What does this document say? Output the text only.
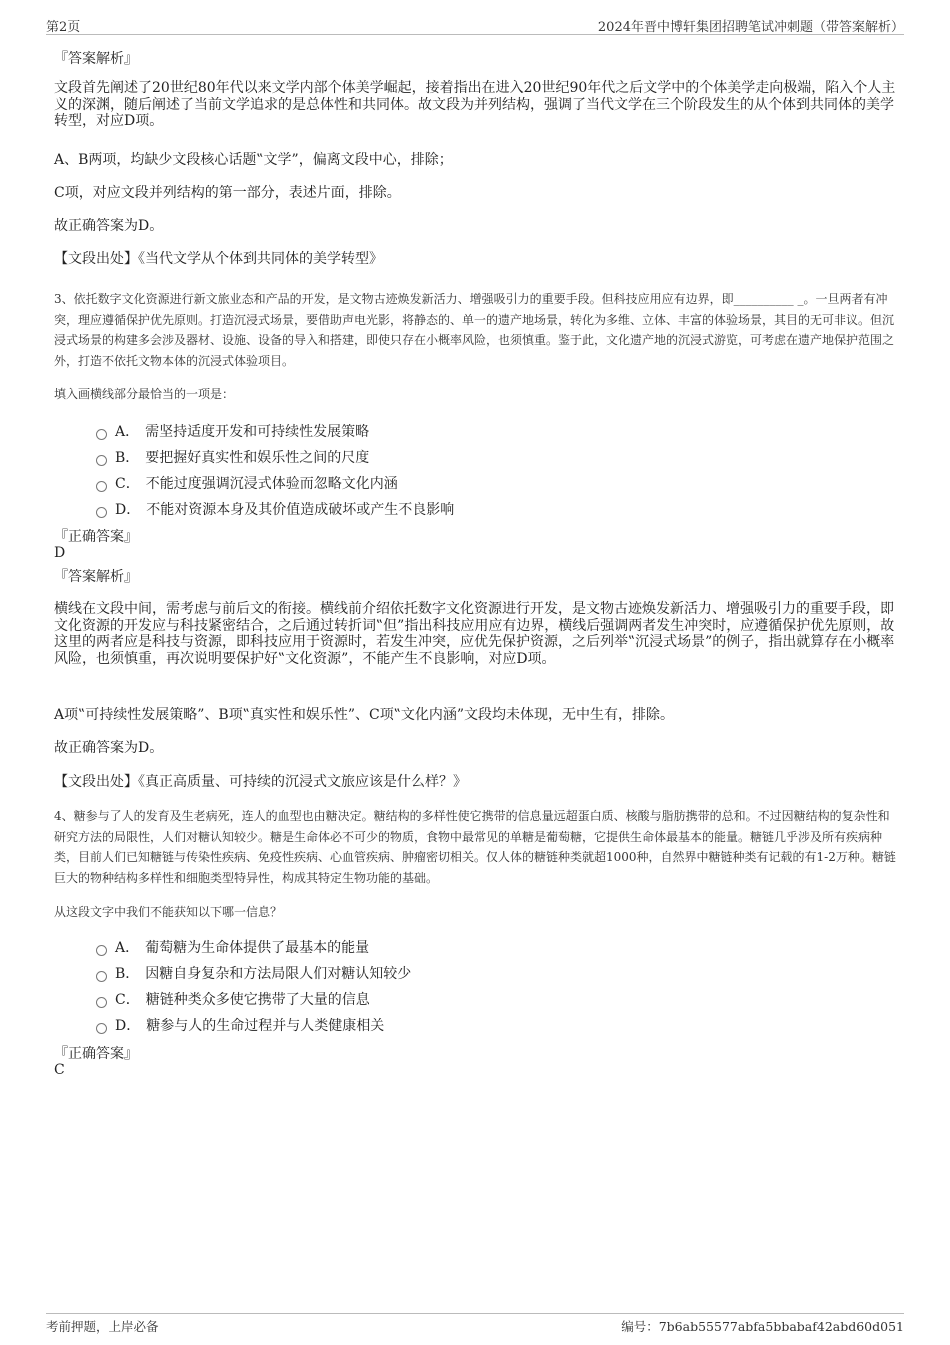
第2页	2024年晋中博轩集团招聘笔试冲刺题（带答案解析）
『答案解析』
文段首先阐述了20世纪80年代以来文学内部个体美学崛起，接着指出在进入20世纪90年代之后文学中的个体美学走向极端，陷入个人主义的深渊，随后阐述了当前文学追求的是总体性和共同体。故文段为并列结构，强调了当代文学在三个阶段发生的从个体到共同体的美学转型，对应D项。
A、B两项，均缺少文段核心话题‟文学”，偏离文段中心，排除；
C项，对应文段并列结构的第一部分，表述片面，排除。
故正确答案为D。
【文段出处】《当代文学从个体到共同体的美学转型》
3、依托数字文化资源进行新文旅业态和产品的开发，是文物古迹焕发新活力、增强吸引力的重要手段。但科技应用应有边界，即__________ _。一旦两者有冲突，理应遵循保护优先原则。打造沉浸式场景，要借助声电光影，将静态的、单一的遗产地场景，转化为多维、立体、丰富的体验场景，其目的无可非议。但沉浸式场景的构建多会涉及器材、设施、设备的导入和搭建，即使只存在小概率风险，也须慎重。鉴于此，文化遗产地的沉浸式游览，可考虑在遗产地保护范围之外，打造不依托文物本体的沉浸式体验项目。
填入画横线部分最恰当的一项是：
A． 需坚持适度开发和可持续性发展策略
B． 要把握好真实性和娱乐性之间的尺度
C． 不能过度强调沉浸式体验而忽略文化内涵
D． 不能对资源本身及其价值造成破坏或产生不良影响
『正确答案』
D
『答案解析』
横线在文段中间，需考虑与前后文的衔接。横线前介绍依托数字文化资源进行开发，是文物古迹焕发新活力、增强吸引力的重要手段，即文化资源的开发应与科技紧密结合，之后通过转折词‟但”指出科技应用应有边界，横线后强调两者发生冲突时，应遵循保护优先原则，故这里的两者应是科技与资源，即科技应用于资源时，若发生冲突，应优先保护资源，之后列举‟沉浸式场景”的例子，指出就算存在小概率风险，也须慎重，再次说明要保护好‟文化资源”，不能产生不良影响，对应D项。
A项‟可持续性发展策略”、B项‟真实性和娱乐性”、C项‟文化内涵”文段均未体现，无中生有，排除。
故正确答案为D。
【文段出处】《真正高质量、可持续的沉浸式文旅应该是什么样？》
4、糖参与了人的发育及生老病死，连人的血型也由糖决定。糖结构的多样性使它携带的信息量远超蛋白质、核酸与脂肪携带的总和。不过因糖结构的复杂性和研究方法的局限性，人们对糖认知较少。糖是生命体必不可少的物质，食物中最常见的单糖是葡萄糖，它提供生命体最基本的能量。糖链几乎涉及所有疾病种类，目前人们已知糖链与传染性疾病、免疫性疾病、心血管疾病、肿瘤密切相关。仅人体的糖链种类就超1000种，自然界中糖链种类有记载的有1-2万种。糖链巨大的物种结构多样性和细胞类型特异性，构成其特定生物功能的基础。
从这段文字中我们不能获知以下哪一信息？
A． 葡萄糖为生命体提供了最基本的能量
B． 因糖自身复杂和方法局限人们对糖认知较少
C． 糖链种类众多使它携带了大量的信息
D． 糖参与人的生命过程并与人类健康相关
『正确答案』
C
考前押题，上岸必备	编号：7b6ab55577abfa5bbabaf42abd60d051
